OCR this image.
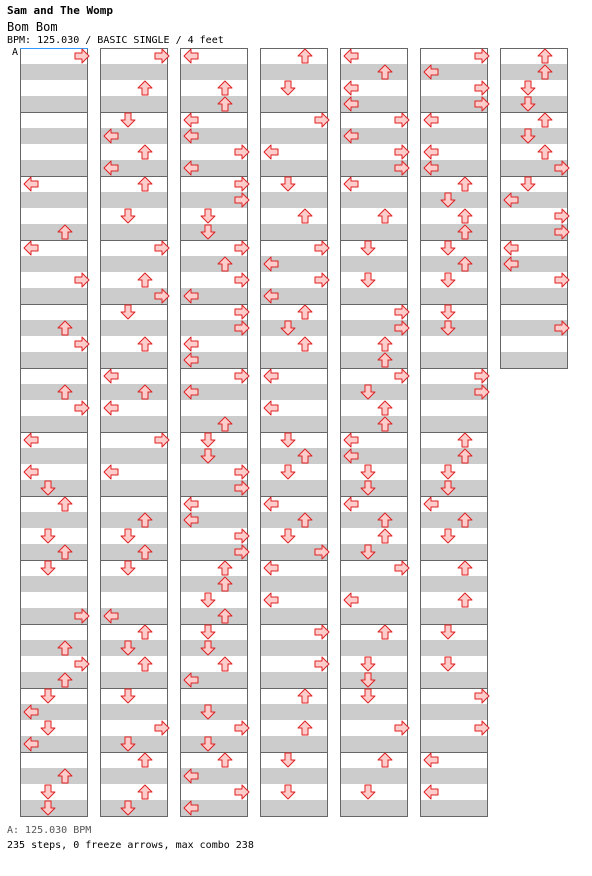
Sam and The Womp
Bom Bom
BPM: 125.030 / BASIC SINGLE / 4 feet
A
A: 125.030 BPM
235 steps, 0 freeze arrows, max combo 238
